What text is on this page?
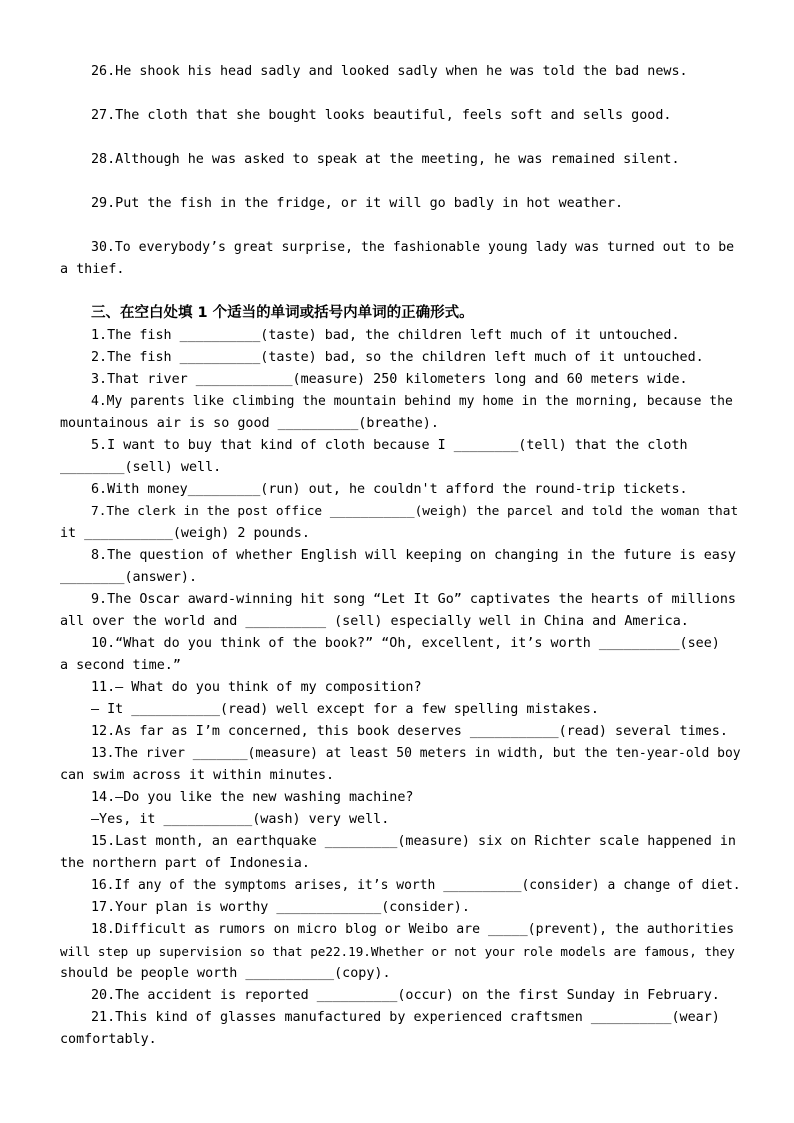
26.He shook his head sadly and looked sadly when he was told the bad news.
27.The cloth that she bought looks beautiful, feels soft and sells good.
28.Although he was asked to speak at the meeting, he was remained silent.
29.Put the fish in the fridge, or it will go badly in hot weather.
30.To everybody’s great surprise, the fashionable young lady was turned out to be
a thief.
三、在空白处填 1 个适当的单词或括号内单词的正确形式。
1.The fish __________(taste) bad, the children left much of it untouched.
2.The fish __________(taste) bad, so the children left much of it untouched.
3.That river ____________(measure) 250 kilometers long and 60 meters wide.
4.My parents like climbing the mountain behind my home in the morning, because the
mountainous air is so good __________(breathe).
5.I want to buy that kind of cloth because I ________(tell) that the cloth
________(sell) well.
6.With money_________(run) out, he couldn't afford the round-trip tickets.
7.The clerk in the post office ___________(weigh) the parcel and told the woman that
it ___________(weigh) 2 pounds.
8.The question of whether English will keeping on changing in the future is easy
________(answer).
9.The Oscar award-winning hit song “Let It Go” captivates the hearts of millions
all over the world and __________ (sell) especially well in China and America.
10.“What do you think of the book?” “Oh, excellent, it’s worth __________(see)
a second time.”
11.— What do you think of my composition?
— It ___________(read) well except for a few spelling mistakes.
12.As far as I’m concerned, this book deserves ___________(read) several times.
13.The river _______(measure) at least 50 meters in width, but the ten-year-old boy
can swim across it within minutes.
14.—Do you like the new washing machine?
—Yes, it ___________(wash) very well.
15.Last month, an earthquake _________(measure) six on Richter scale happened in
the northern part of Indonesia.
16.If any of the symptoms arises, it’s worth __________(consider) a change of diet.
17.Your plan is worthy _____________(consider).
18.Difficult as rumors on micro blog or Weibo are _____(prevent), the authorities
will step up supervision so that pe22.19.Whether or not your role models are famous, they
should be people worth ___________(copy).
20.The accident is reported __________(occur) on the first Sunday in February.
21.This kind of glasses manufactured by experienced craftsmen __________(wear)
comfortably.
